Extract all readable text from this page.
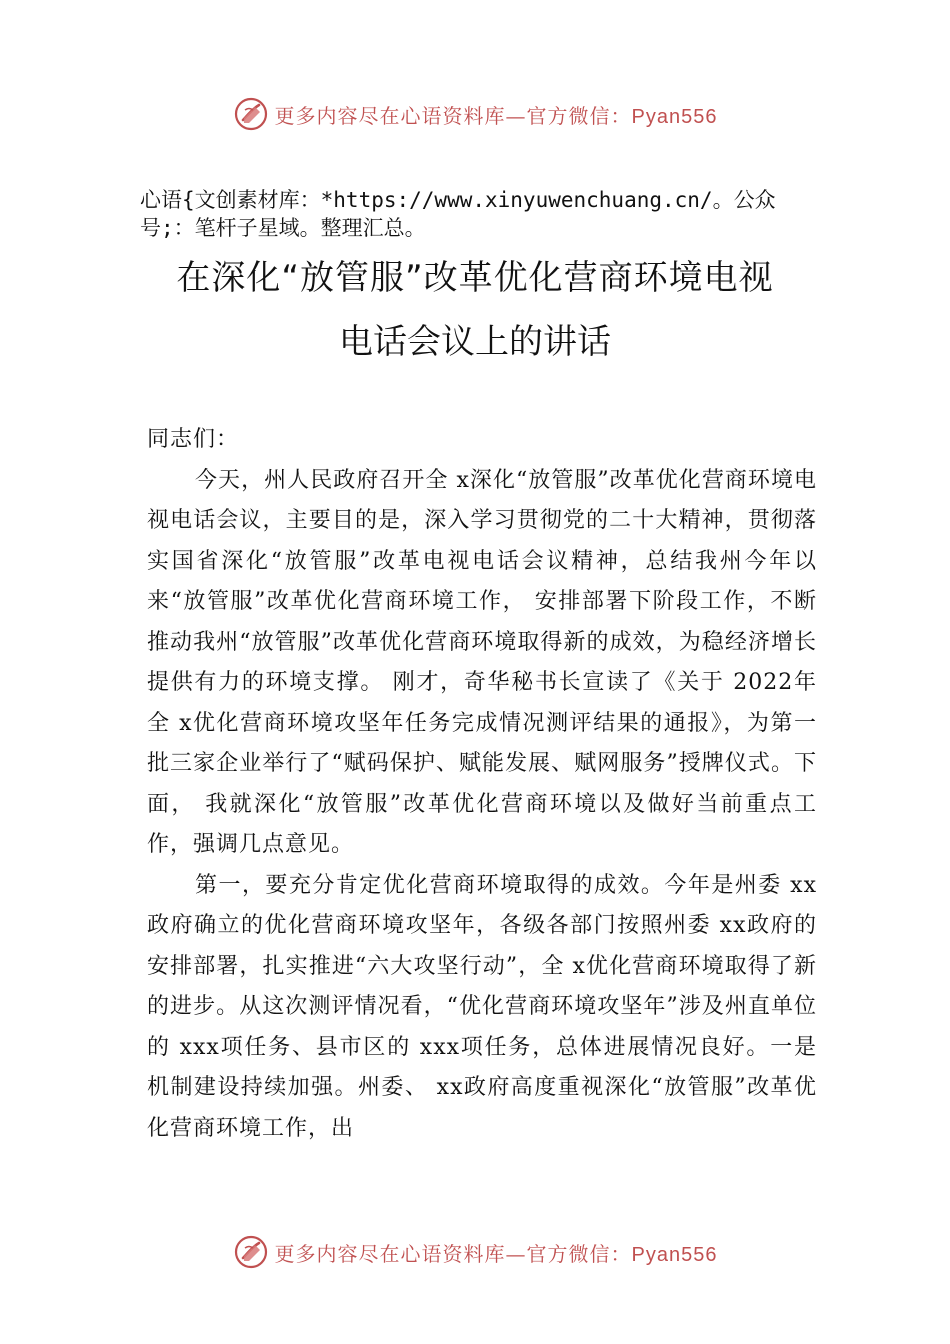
更多内容尽在心语资料库—官方微信：Pyan556
心语{文创素材库：*https://www.xinyuwenchuang.cn/。公众号;：笔杆子星域。整理汇总。
在深化“放管服”改革优化营商环境电视
电话会议上的讲话

同志们：

今天，州人民政府召开全 x深化“放管服”改革优化营商环境电视电话会议，主要目的是，深入学习贯彻党的二十大精神，贯彻落实国省深化“放管服”改革电视电话会议精神，总结我州今年以来“放管服”改革优化营商环境工作， 安排部署下阶段工作，不断推动我州“放管服”改革优化营商环境取得新的成效，为稳经济增长提供有力的环境支撑。 刚才，奇华秘书长宣读了《关于 2022年全 x优化营商环境攻坚年任务完成情况测评结果的通报》，为第一批三家企业举行了“赋码保护、赋能发展、赋网服务”授牌仪式。下面， 我就深化“放管服”改革优化营商环境以及做好当前重点工作，强调几点意见。

第一，要充分肯定优化营商环境取得的成效。今年是州委 xx 政府确立的优化营商环境攻坚年，各级各部门按照州委 xx政府的安排部署，扎实推进“六大攻坚行动”，全 x优化营商环境取得了新的进步。从这次测评情况看，“优化营商环境攻坚年”涉及州直单位的 xxx项任务、县市区的 xxx项任务，总体进展情况良好。一是机制建设持续加强。州委、 xx政府高度重视深化“放管服”改革优化营商环境工作，出

更多内容尽在心语资料库—官方微信：Pyan556
